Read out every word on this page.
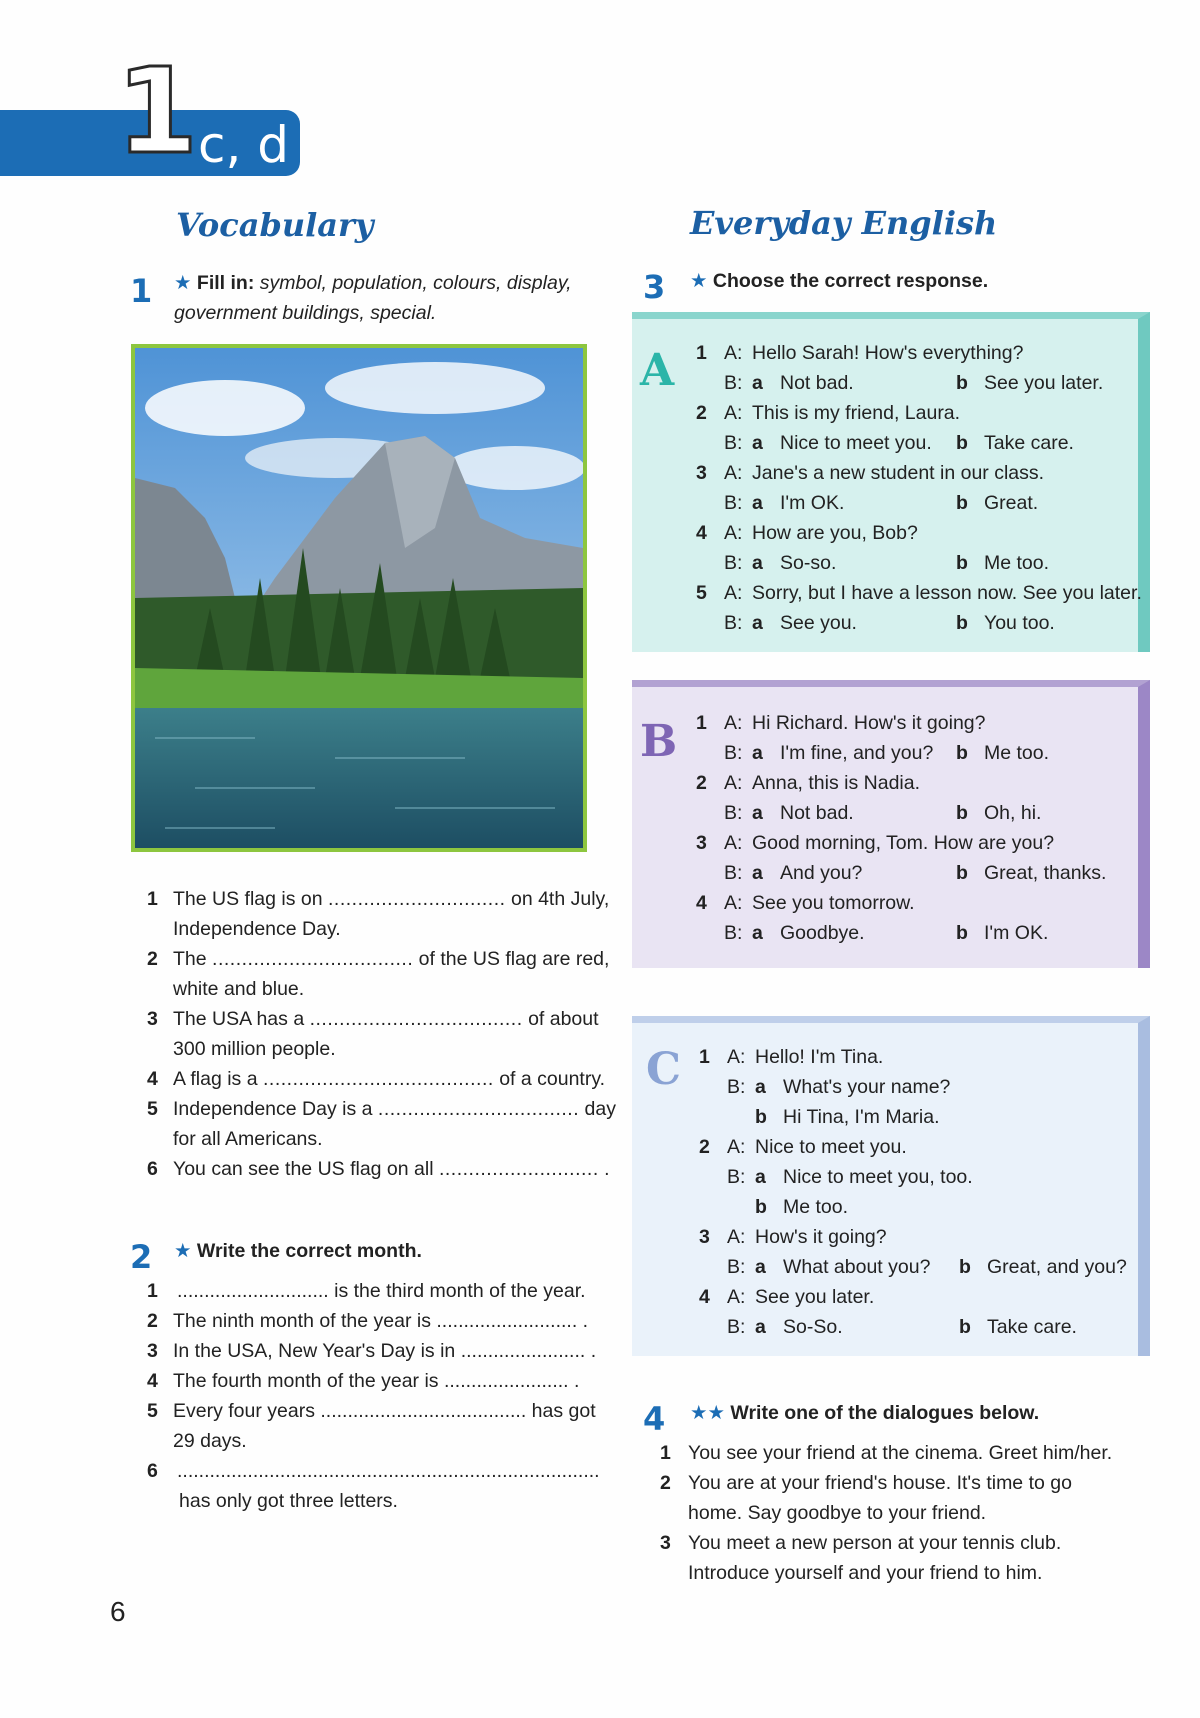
1 c, d
Vocabulary
1 ★ Fill in: symbol, population, colours, display,
government buildings, special.
1 The US flag is on .............................. on 4th July,
Independence Day.
2 The .................................. of the US flag are red,
white and blue.
3 The USA has a .................................... of about
300 million people.
4 A flag is a ....................................... of a country.
5 Independence Day is a .................................. day
for all Americans.
6 You can see the US flag on all ........................... .
2 ★ Write the correct month.
1 ............................ is the third month of the year.
2 The ninth month of the year is .......................... .
3 In the USA, New Year's Day is in ....................... .
4 The fourth month of the year is ....................... .
5 Every four years ...................................... has got
29 days.
6 ..............................................................................
has only got three letters.
Everyday English
3 ★ Choose the correct response.
A 1 A: Hello Sarah! How's everything?
B: a Not bad.	b See you later.
2 A: This is my friend, Laura.
B: a Nice to meet you. b Take care.
3 A: Jane's a new student in our class.
B: a I'm OK.	b Great.
4 A: How are you, Bob?
B: a So-so.	b Me too.
5 A: Sorry, but I have a lesson now. See you later.
B: a See you.	b You too.
B 1 A: Hi Richard. How's it going?
B: a I'm fine, and you? b Me too.
2 A: Anna, this is Nadia.
B: a Not bad.	b Oh, hi.
3 A: Good morning, Tom. How are you?
B: a And you?	b Great, thanks.
4 A: See you tomorrow.
B: a Goodbye.	b I'm OK.
C 1 A: Hello! I'm Tina.
B: a What's your name?
b Hi Tina, I'm Maria.
2 A: Nice to meet you.
B: a Nice to meet you, too.
b Me too.
3 A: How's it going?
B: a What about you? b Great, and you?
4 A: See you later.
B: a So-So.	b Take care.
4 ★★ Write one of the dialogues below.
1 You see your friend at the cinema. Greet him/her.
2 You are at your friend's house. It's time to go
home. Say goodbye to your friend.
3 You meet a new person at your tennis club.
Introduce yourself and your friend to him.
6
